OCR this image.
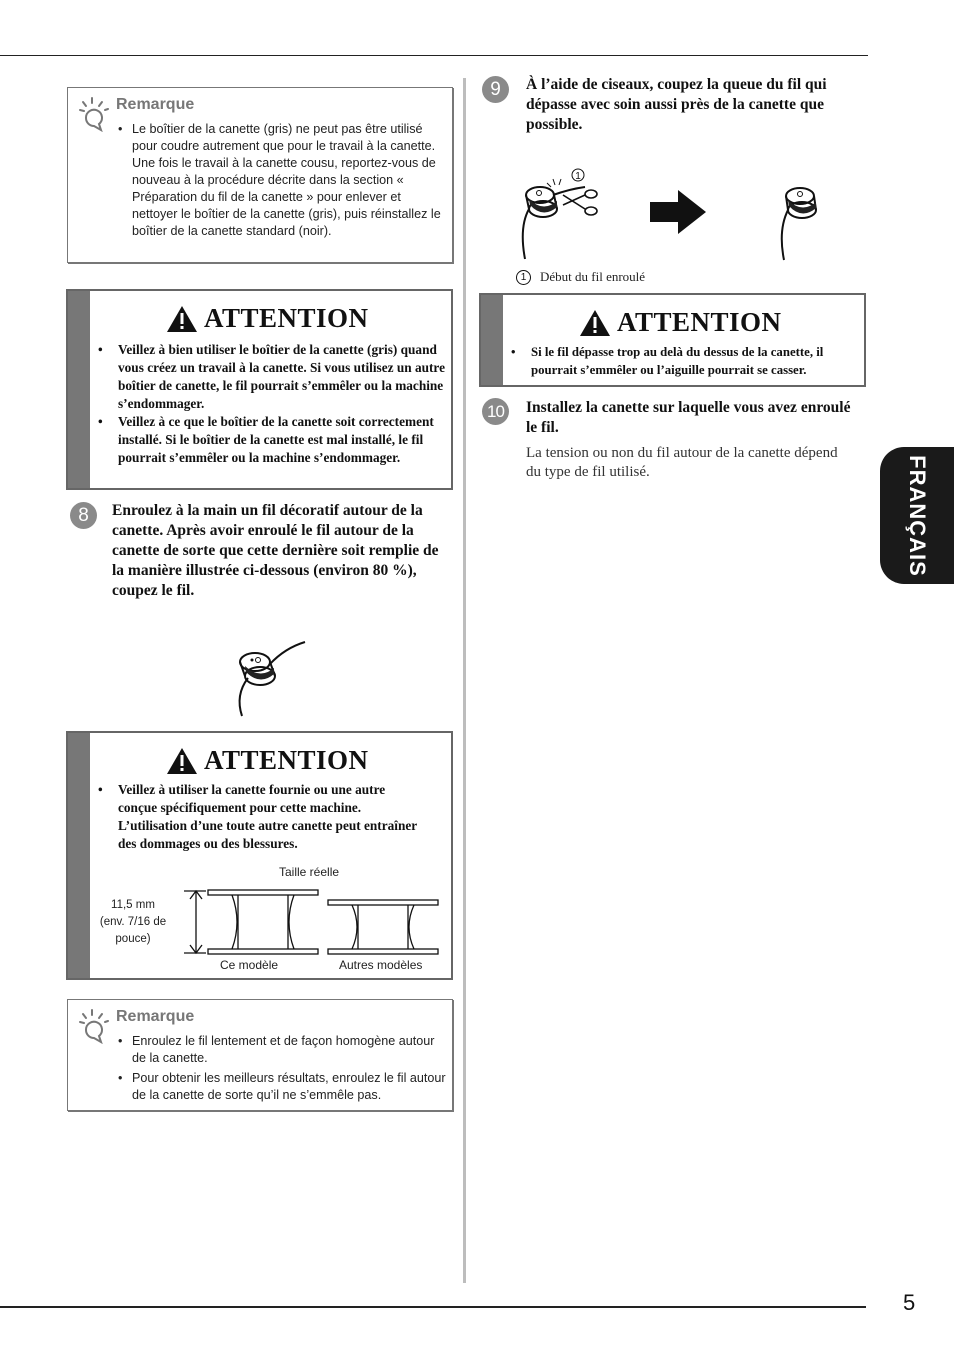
5
FRANÇAIS
Remarque
• Le boîtier de la canette (gris) ne peut pas être utilisé pour coudre autrement que pour le travail à la canette. Une fois le travail à la canette cousu, reportez-vous de nouveau à la procédure décrite dans la section « Préparation du fil de la canette » pour enlever et nettoyer le boîtier de la canette (gris), puis réinstallez le boîtier de la canette standard (noir).
ATTENTION
• Veillez à bien utiliser le boîtier de la canette (gris) quand vous créez un travail à la canette. Si vous utilisez un autre boîtier de canette, le fil pourrait s’emmêler ou la machine s’endommager.
• Veillez à ce que le boîtier de la canette soit correctement installé. Si le boîtier de la canette est mal installé, le fil pourrait s’emmêler ou la machine s’endommager.
8	Enroulez à la main un fil décoratif autour de la canette. Après avoir enroulé le fil autour de la canette de sorte que cette dernière soit remplie de la manière illustrée ci-dessous (environ 80 %), coupez le fil.
ATTENTION
• Veillez à utiliser la canette fournie ou une autre conçue spécifiquement pour cette machine. L’utilisation d’une toute autre canette peut entraîner des dommages ou des blessures.
Taille réelle
11,5 mm
(env. 7/16 de
pouce)
Ce modèle	Autres modèles
Remarque
• Enroulez le fil lentement et de façon homogène autour de la canette.
• Pour obtenir les meilleurs résultats, enroulez le fil autour de la canette de sorte qu’il ne s’emmêle pas.
9	À l’aide de ciseaux, coupez la queue du fil qui dépasse avec soin aussi près de la canette que possible.
1
1	Début du fil enroulé
ATTENTION
• Si le fil dépasse trop au delà du dessus de la canette, il pourrait s’emmêler ou l’aiguille pourrait se casser.
10	Installez la canette sur laquelle vous avez enroulé le fil.
La tension ou non du fil autour de la canette dépend du type de fil utilisé.
